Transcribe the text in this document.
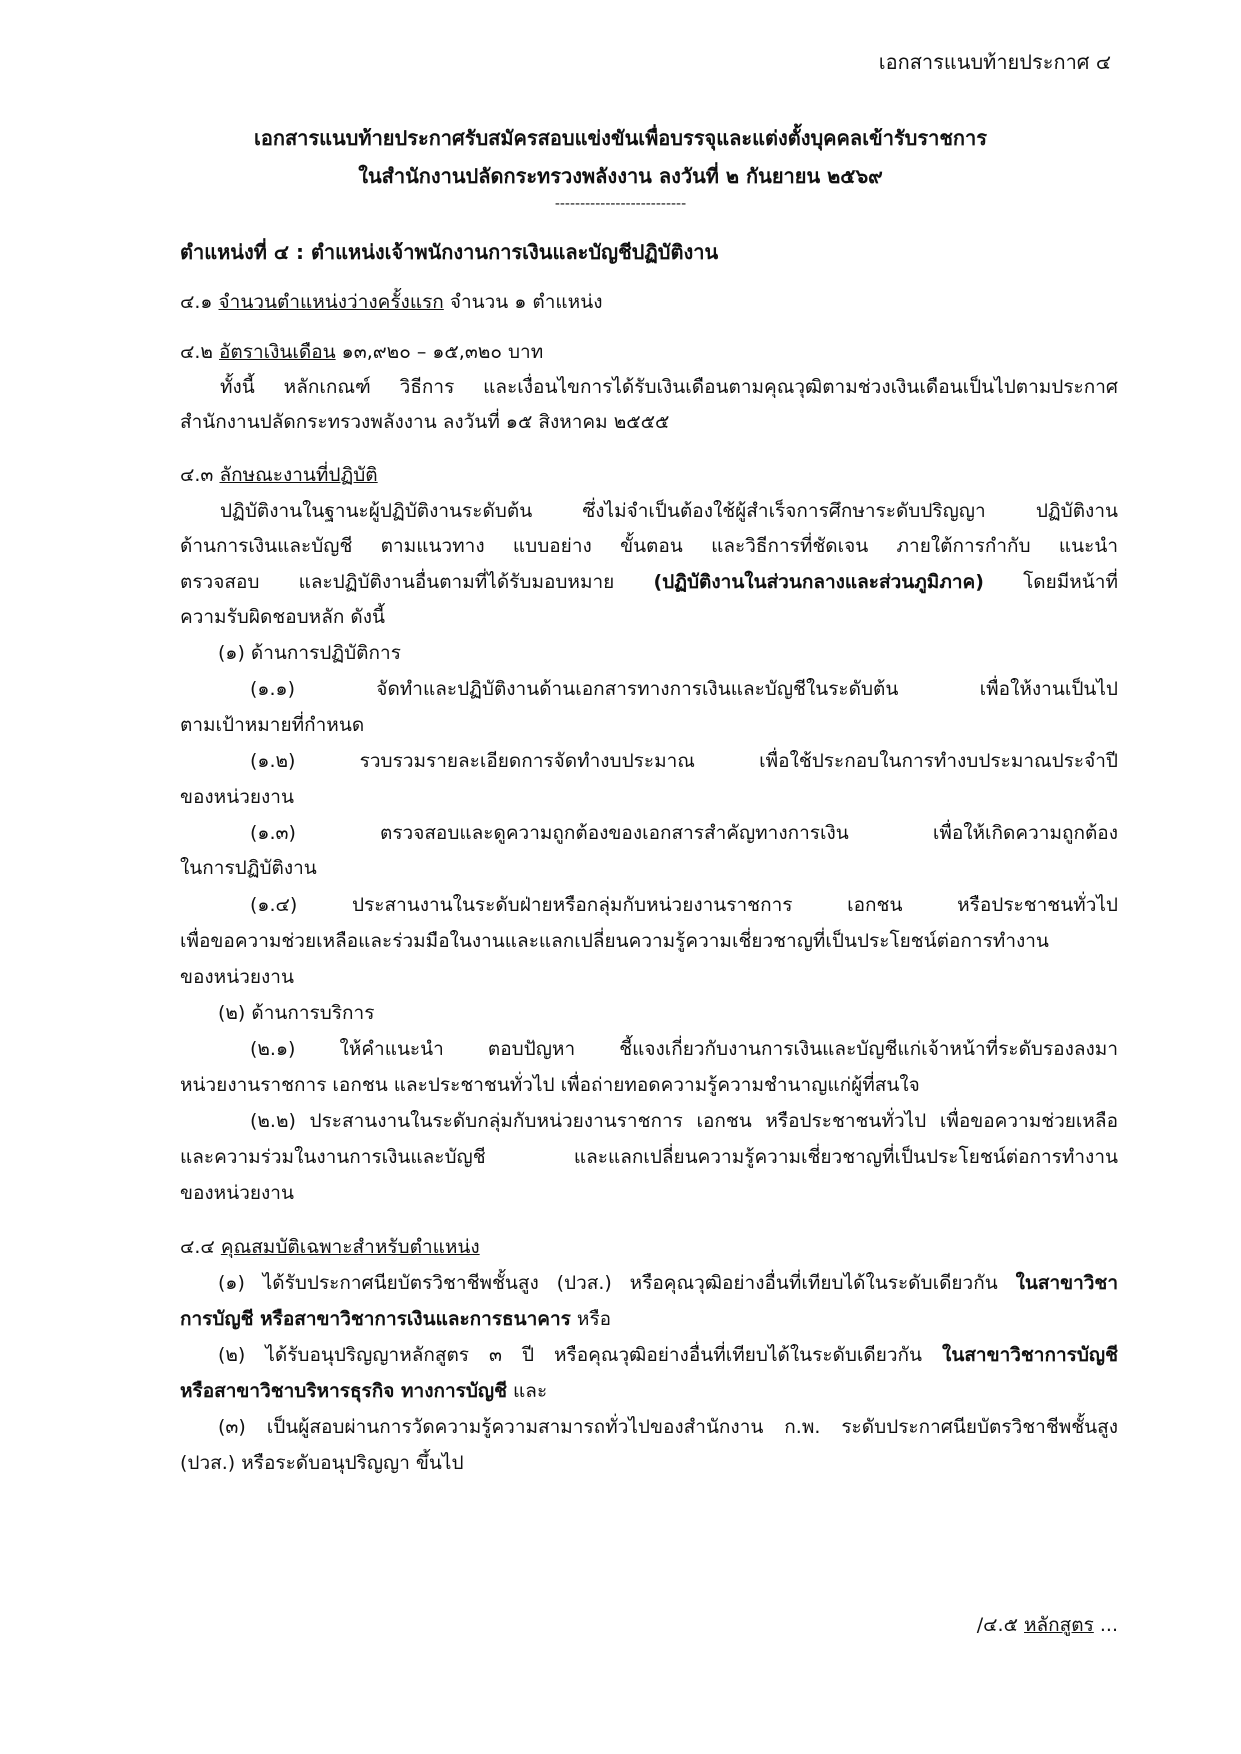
เอกสารแนบท้ายประกาศ ๔
เอกสารแนบท้ายประกาศรับสมัครสอบแข่งขันเพื่อบรรจุและแต่งตั้งบุคคลเข้ารับราชการ
ในสำนักงานปลัดกระทรวงพลังงาน ลงวันที่ ๒ กันยายน ๒๕๖๙
--------------------------
ตำแหน่งที่ ๔ : ตำแหน่งเจ้าพนักงานการเงินและบัญชีปฏิบัติงาน
๔.๑ จำนวนตำแหน่งว่างครั้งแรก จำนวน ๑ ตำแหน่ง
๔.๒ อัตราเงินเดือน ๑๓,๙๒๐ – ๑๕,๓๒๐ บาท
ทั้งนี้ หลักเกณฑ์ วิธีการ และเงื่อนไขการได้รับเงินเดือนตามคุณวุฒิตามช่วงเงินเดือนเป็นไปตามประกาศ
สำนักงานปลัดกระทรวงพลังงาน ลงวันที่ ๑๕ สิงหาคม ๒๕๕๕
๔.๓ ลักษณะงานที่ปฏิบัติ
ปฏิบัติงานในฐานะผู้ปฏิบัติงานระดับต้น ซึ่งไม่จำเป็นต้องใช้ผู้สำเร็จการศึกษาระดับปริญญา ปฏิบัติงาน
ด้านการเงินและบัญชี ตามแนวทาง แบบอย่าง ขั้นตอน และวิธีการที่ชัดเจน ภายใต้การกำกับ แนะนำ
ตรวจสอบ และปฏิบัติงานอื่นตามที่ได้รับมอบหมาย (ปฏิบัติงานในส่วนกลางและส่วนภูมิภาค) โดยมีหน้าที่
ความรับผิดชอบหลัก ดังนี้
(๑) ด้านการปฏิบัติการ
(๑.๑) จัดทำและปฏิบัติงานด้านเอกสารทางการเงินและบัญชีในระดับต้น เพื่อให้งานเป็นไป
ตามเป้าหมายที่กำหนด
(๑.๒) รวบรวมรายละเอียดการจัดทำงบประมาณ เพื่อใช้ประกอบในการทำงบประมาณประจำปี
ของหน่วยงาน
(๑.๓) ตรวจสอบและดูความถูกต้องของเอกสารสำคัญทางการเงิน เพื่อให้เกิดความถูกต้อง
ในการปฏิบัติงาน
(๑.๔) ประสานงานในระดับฝ่ายหรือกลุ่มกับหน่วยงานราชการ เอกชน หรือประชาชนทั่วไป
เพื่อขอความช่วยเหลือและร่วมมือในงานและแลกเปลี่ยนความรู้ความเชี่ยวชาญที่เป็นประโยชน์ต่อการทำงาน
ของหน่วยงาน
(๒) ด้านการบริการ
(๒.๑) ให้คำแนะนำ ตอบปัญหา ชี้แจงเกี่ยวกับงานการเงินและบัญชีแก่เจ้าหน้าที่ระดับรองลงมา
หน่วยงานราชการ เอกชน และประชาชนทั่วไป เพื่อถ่ายทอดความรู้ความชำนาญแก่ผู้ที่สนใจ
(๒.๒) ประสานงานในระดับกลุ่มกับหน่วยงานราชการ เอกชน หรือประชาชนทั่วไป เพื่อขอความช่วยเหลือ
และความร่วมในงานการเงินและบัญชี และแลกเปลี่ยนความรู้ความเชี่ยวชาญที่เป็นประโยชน์ต่อการทำงาน
ของหน่วยงาน
๔.๔ คุณสมบัติเฉพาะสำหรับตำแหน่ง
(๑) ได้รับประกาศนียบัตรวิชาชีพชั้นสูง (ปวส.) หรือคุณวุฒิอย่างอื่นที่เทียบได้ในระดับเดียวกัน ในสาขาวิชา
การบัญชี หรือสาขาวิชาการเงินและการธนาคาร หรือ
(๒) ได้รับอนุปริญญาหลักสูตร ๓ ปี หรือคุณวุฒิอย่างอื่นที่เทียบได้ในระดับเดียวกัน ในสาขาวิชาการบัญชี
หรือสาขาวิชาบริหารธุรกิจ ทางการบัญชี และ
(๓) เป็นผู้สอบผ่านการวัดความรู้ความสามารถทั่วไปของสำนักงาน ก.พ. ระดับประกาศนียบัตรวิชาชีพชั้นสูง
(ปวส.) หรือระดับอนุปริญญา ขึ้นไป
/๔.๕ หลักสูตร ...
